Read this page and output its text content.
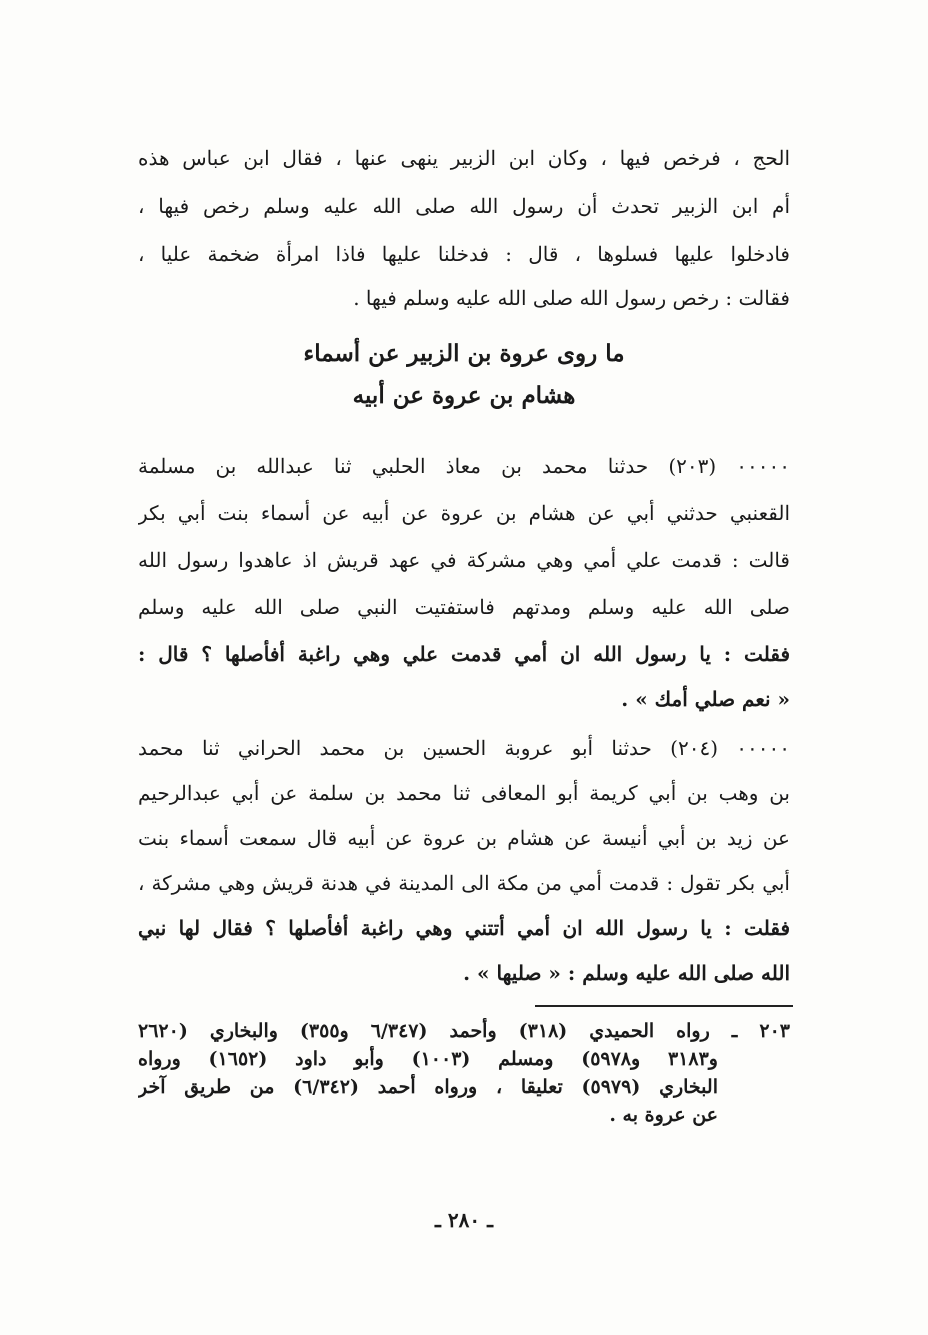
الحج ، فرخص فيها ، وكان ابن الزبير ينهى عنها ، فقال ابن عباس هذه
أم ابن الزبير تحدث أن رسول الله صلى الله عليه وسلم رخص فيها ،
فادخلوا عليها فسلوها ، قال : فدخلنا عليها فاذا امرأة ضخمة عليا ،
فقالت : رخص رسول الله صلى الله عليه وسلم فيها .
ما روى عروة بن الزبير عن أسماء
هشام بن عروة عن أبيه
٠٠٠٠٠ (٢٠٣) حدثنا محمد بن معاذ الحلبي ثنا عبدالله بن مسلمة
القعنبي حدثني أبي عن هشام بن عروة عن أبيه عن أسماء بنت أبي بكر
قالت : قدمت علي أمي وهي مشركة في عهد قريش اذ عاهدوا رسول الله
صلى الله عليه وسلم ومدتهم فاستفتيت النبي صلى الله عليه وسلم
فقلت : يا رسول الله ان أمي قدمت علي وهي راغبة أفأصلها ؟ قال :
« نعم صلي أمك » .
٠٠٠٠٠ (٢٠٤) حدثنا أبو عروبة الحسين بن محمد الحراني ثنا محمد
بن وهب بن أبي كريمة أبو المعافى ثنا محمد بن سلمة عن أبي عبدالرحيم
عن زيد بن أبي أنيسة عن هشام بن عروة عن أبيه قال سمعت أسماء بنت
أبي بكر تقول : قدمت أمي من مكة الى المدينة في هدنة قريش وهي مشركة ،
فقلت : يا رسول الله ان أمي أتتني وهي راغبة أفأصلها ؟ فقال لها نبي
الله صلى الله عليه وسلم : « صليها » .
٢٠٣ ـ رواه الحميدي (٣١٨) وأحمد (٦/٣٤٧ و٣٥٥) والبخاري (٢٦٢٠
و٣١٨٣ و٥٩٧٨) ومسلم (١٠٠٣) وأبو داود (١٦٥٢) ورواه
البخاري (٥٩٧٩) تعليقا ، ورواه أحمد (٦/٣٤٢) من طريق آخر
عن عروة به .
ـ ٢٨٠ ـ
